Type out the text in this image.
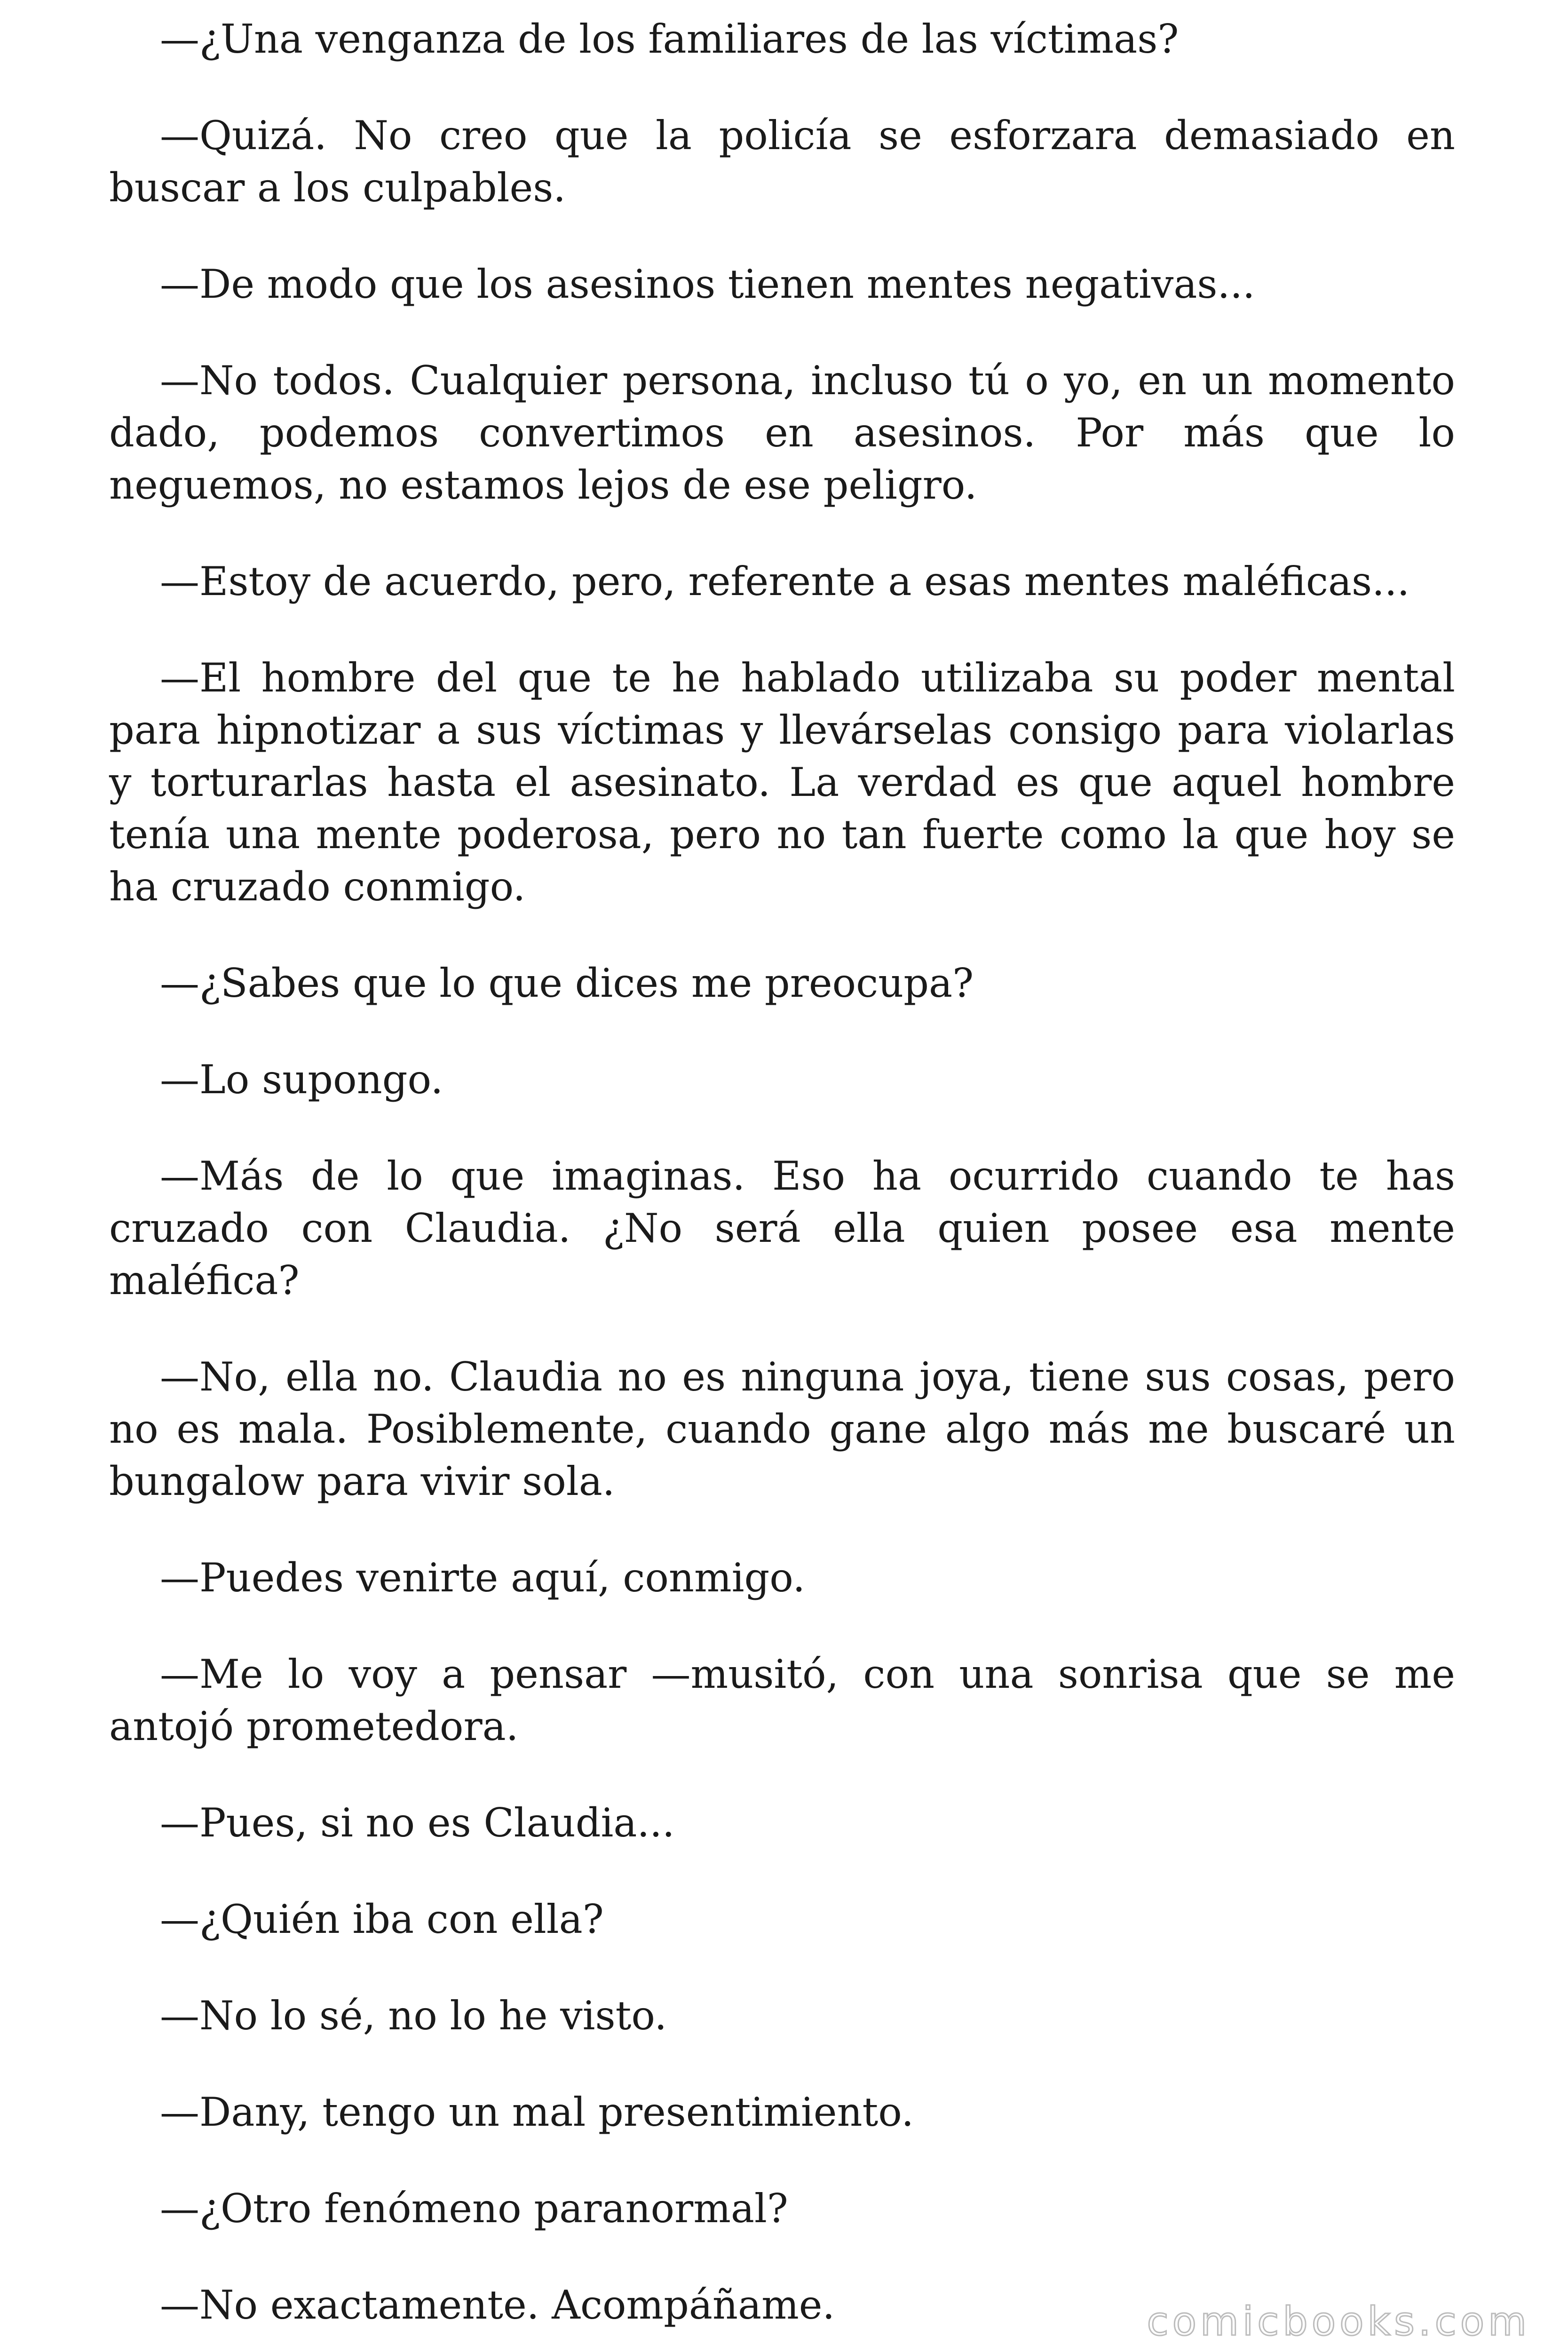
—¿Una venganza de los familiares de las víctimas?

—Quizá. No creo que la policía se esforzara demasiado en buscar a los culpables.

—De modo que los asesinos tienen mentes negativas...

—No todos. Cualquier persona, incluso tú o yo, en un momento dado, podemos convertimos en asesinos. Por más que lo neguemos, no estamos lejos de ese peligro.

—Estoy de acuerdo, pero, referente a esas mentes maléficas...

—El hombre del que te he hablado utilizaba su poder mental para hipnotizar a sus víctimas y llevárselas consigo para violarlas y torturarlas hasta el asesinato. La verdad es que aquel hombre tenía una mente poderosa, pero no tan fuerte como la que hoy se ha cruzado conmigo.

—¿Sabes que lo que dices me preocupa?

—Lo supongo.

—Más de lo que imaginas. Eso ha ocurrido cuando te has cruzado con Claudia. ¿No será ella quien posee esa mente maléfica?

—No, ella no. Claudia no es ninguna joya, tiene sus cosas, pero no es mala. Posiblemente, cuando gane algo más me buscaré un bungalow para vivir sola.

—Puedes venirte aquí, conmigo.

—Me lo voy a pensar —musitó, con una sonrisa que se me antojó prometedora.

—Pues, si no es Claudia...

—¿Quién iba con ella?

—No lo sé, no lo he visto.

—Dany, tengo un mal presentimiento.

—¿Otro fenómeno paranormal?

—No exactamente. Acompáñame.	comicbooks.com
